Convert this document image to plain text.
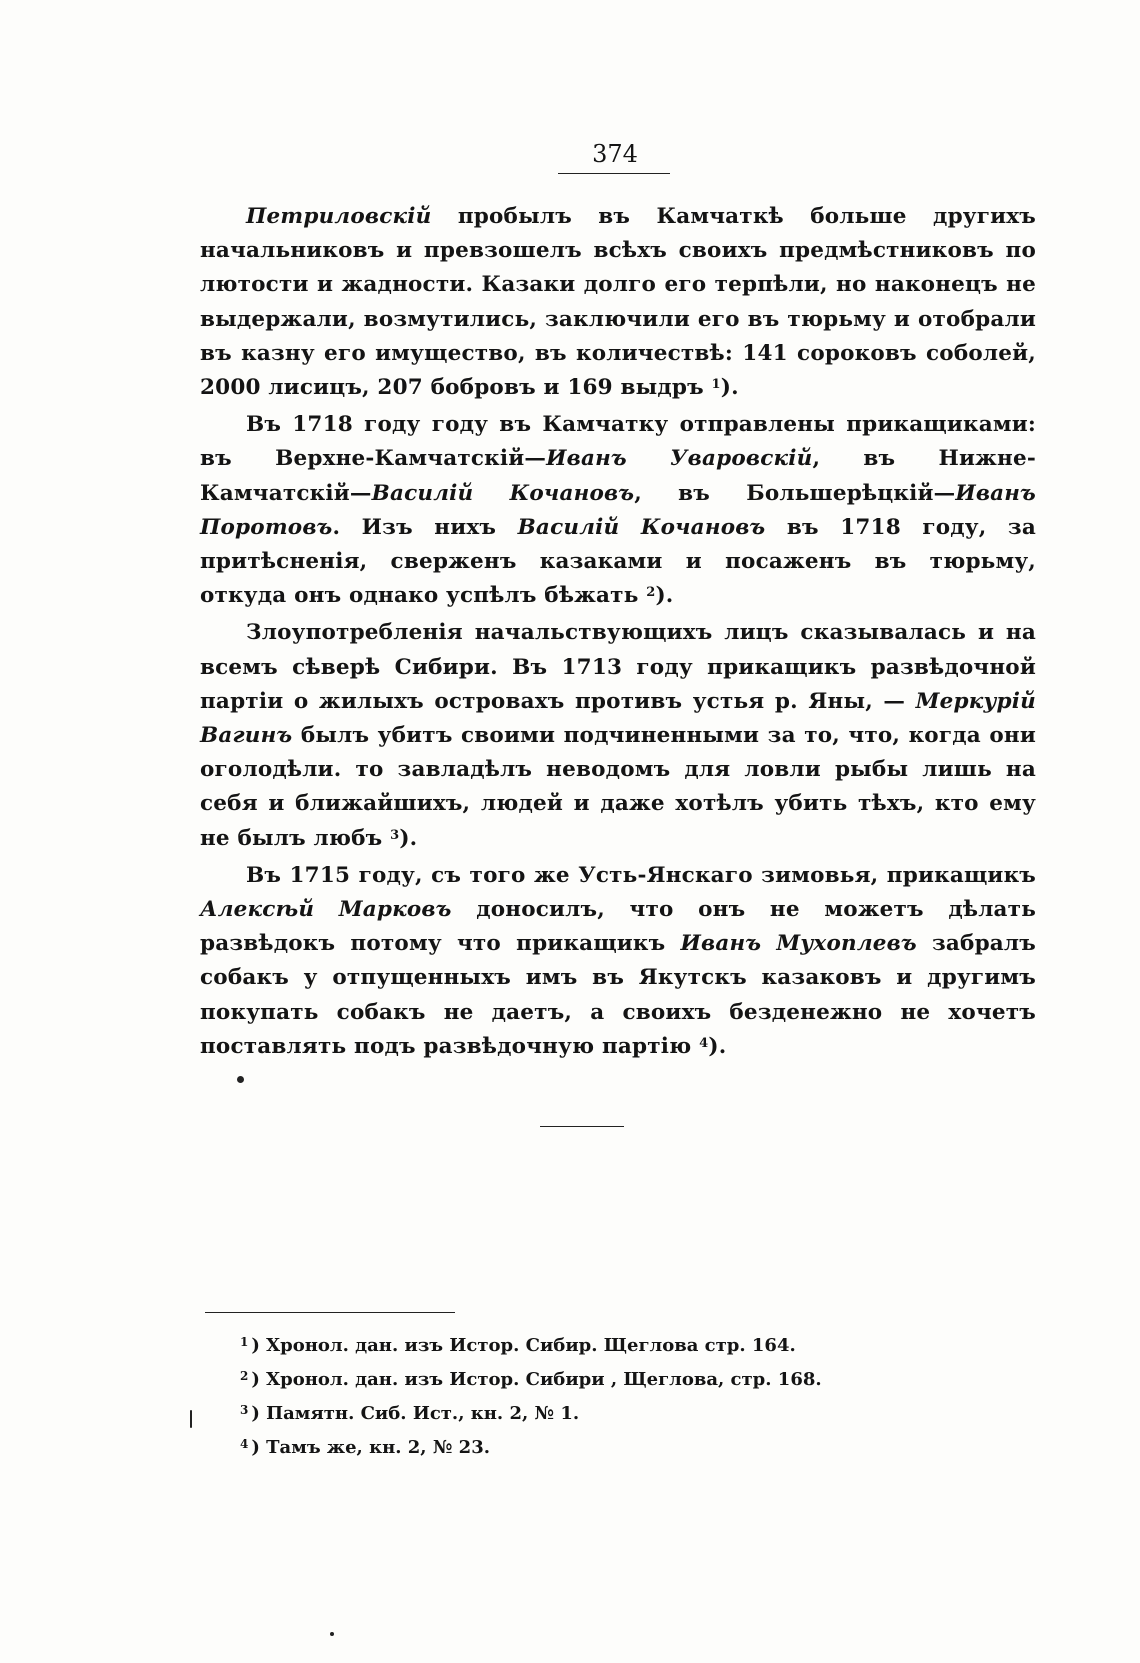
374

Петриловскій пробылъ въ Камчаткѣ больше другихъ начальниковъ и превзошелъ всѣхъ своихъ предмѣстниковъ по лютости и жадности. Казаки долго его терпѣли, но наконецъ не выдержали, возмутились, заключили его въ тюрьму и отобрали въ казну его имущество, въ количествѣ: 141 сороковъ соболей, 2000 лисицъ, 207 бобровъ и 169 выдръ $^1$).

Въ 1718 году году въ Камчатку отправлены прикащиками: въ Верхне-Камчатскій—Иванъ Уваровскій, въ Нижне-Камчатскій—Василій Кочановъ, въ Большерѣцкій—Иванъ Поротовъ. Изъ нихъ Василій Кочановъ въ 1718 году, за притѣсненія, сверженъ казаками и посаженъ въ тюрьму, откуда онъ однако успѣлъ бѣжать $^2$).

Злоупотребленія начальствующихъ лицъ сказывалась и на всемъ сѣверѣ Сибири. Въ 1713 году прикащикъ развѣдочной партіи о жилыхъ островахъ противъ устья р. Яны, — Меркурій Вагинъ былъ убитъ своими подчиненными за то, что, когда они оголодѣли. то завладѣлъ неводомъ для ловли рыбы лишь на себя и ближайшихъ, людей и даже хотѣлъ убить тѣхъ, кто ему не былъ любъ $^3$).

Въ 1715 году, съ того же Усть-Янскаго зимовья, прикащикъ Алексѣй Марковъ доносилъ, что онъ не можетъ дѣлать развѣдокъ потому что прикащикъ Иванъ Мухоплевъ забралъ собакъ у отпущенныхъ имъ въ Якутскъ казаковъ и другимъ покупать собакъ не даетъ, а своихъ безденежно не хочетъ поставлять подъ развѣдочную партію $^4$).

$^1$ ) Хронол. дан. изъ Истор. Сибир. Щеглова стр. 164.
$^2$ ) Хронол. дан. изъ Истор. Сибири , Щеглова, стр. 168.
$^3$ ) Памятн. Сиб. Ист., кн. 2, № 1.
$^4$ ) Тамъ же, кн. 2, № 23.
